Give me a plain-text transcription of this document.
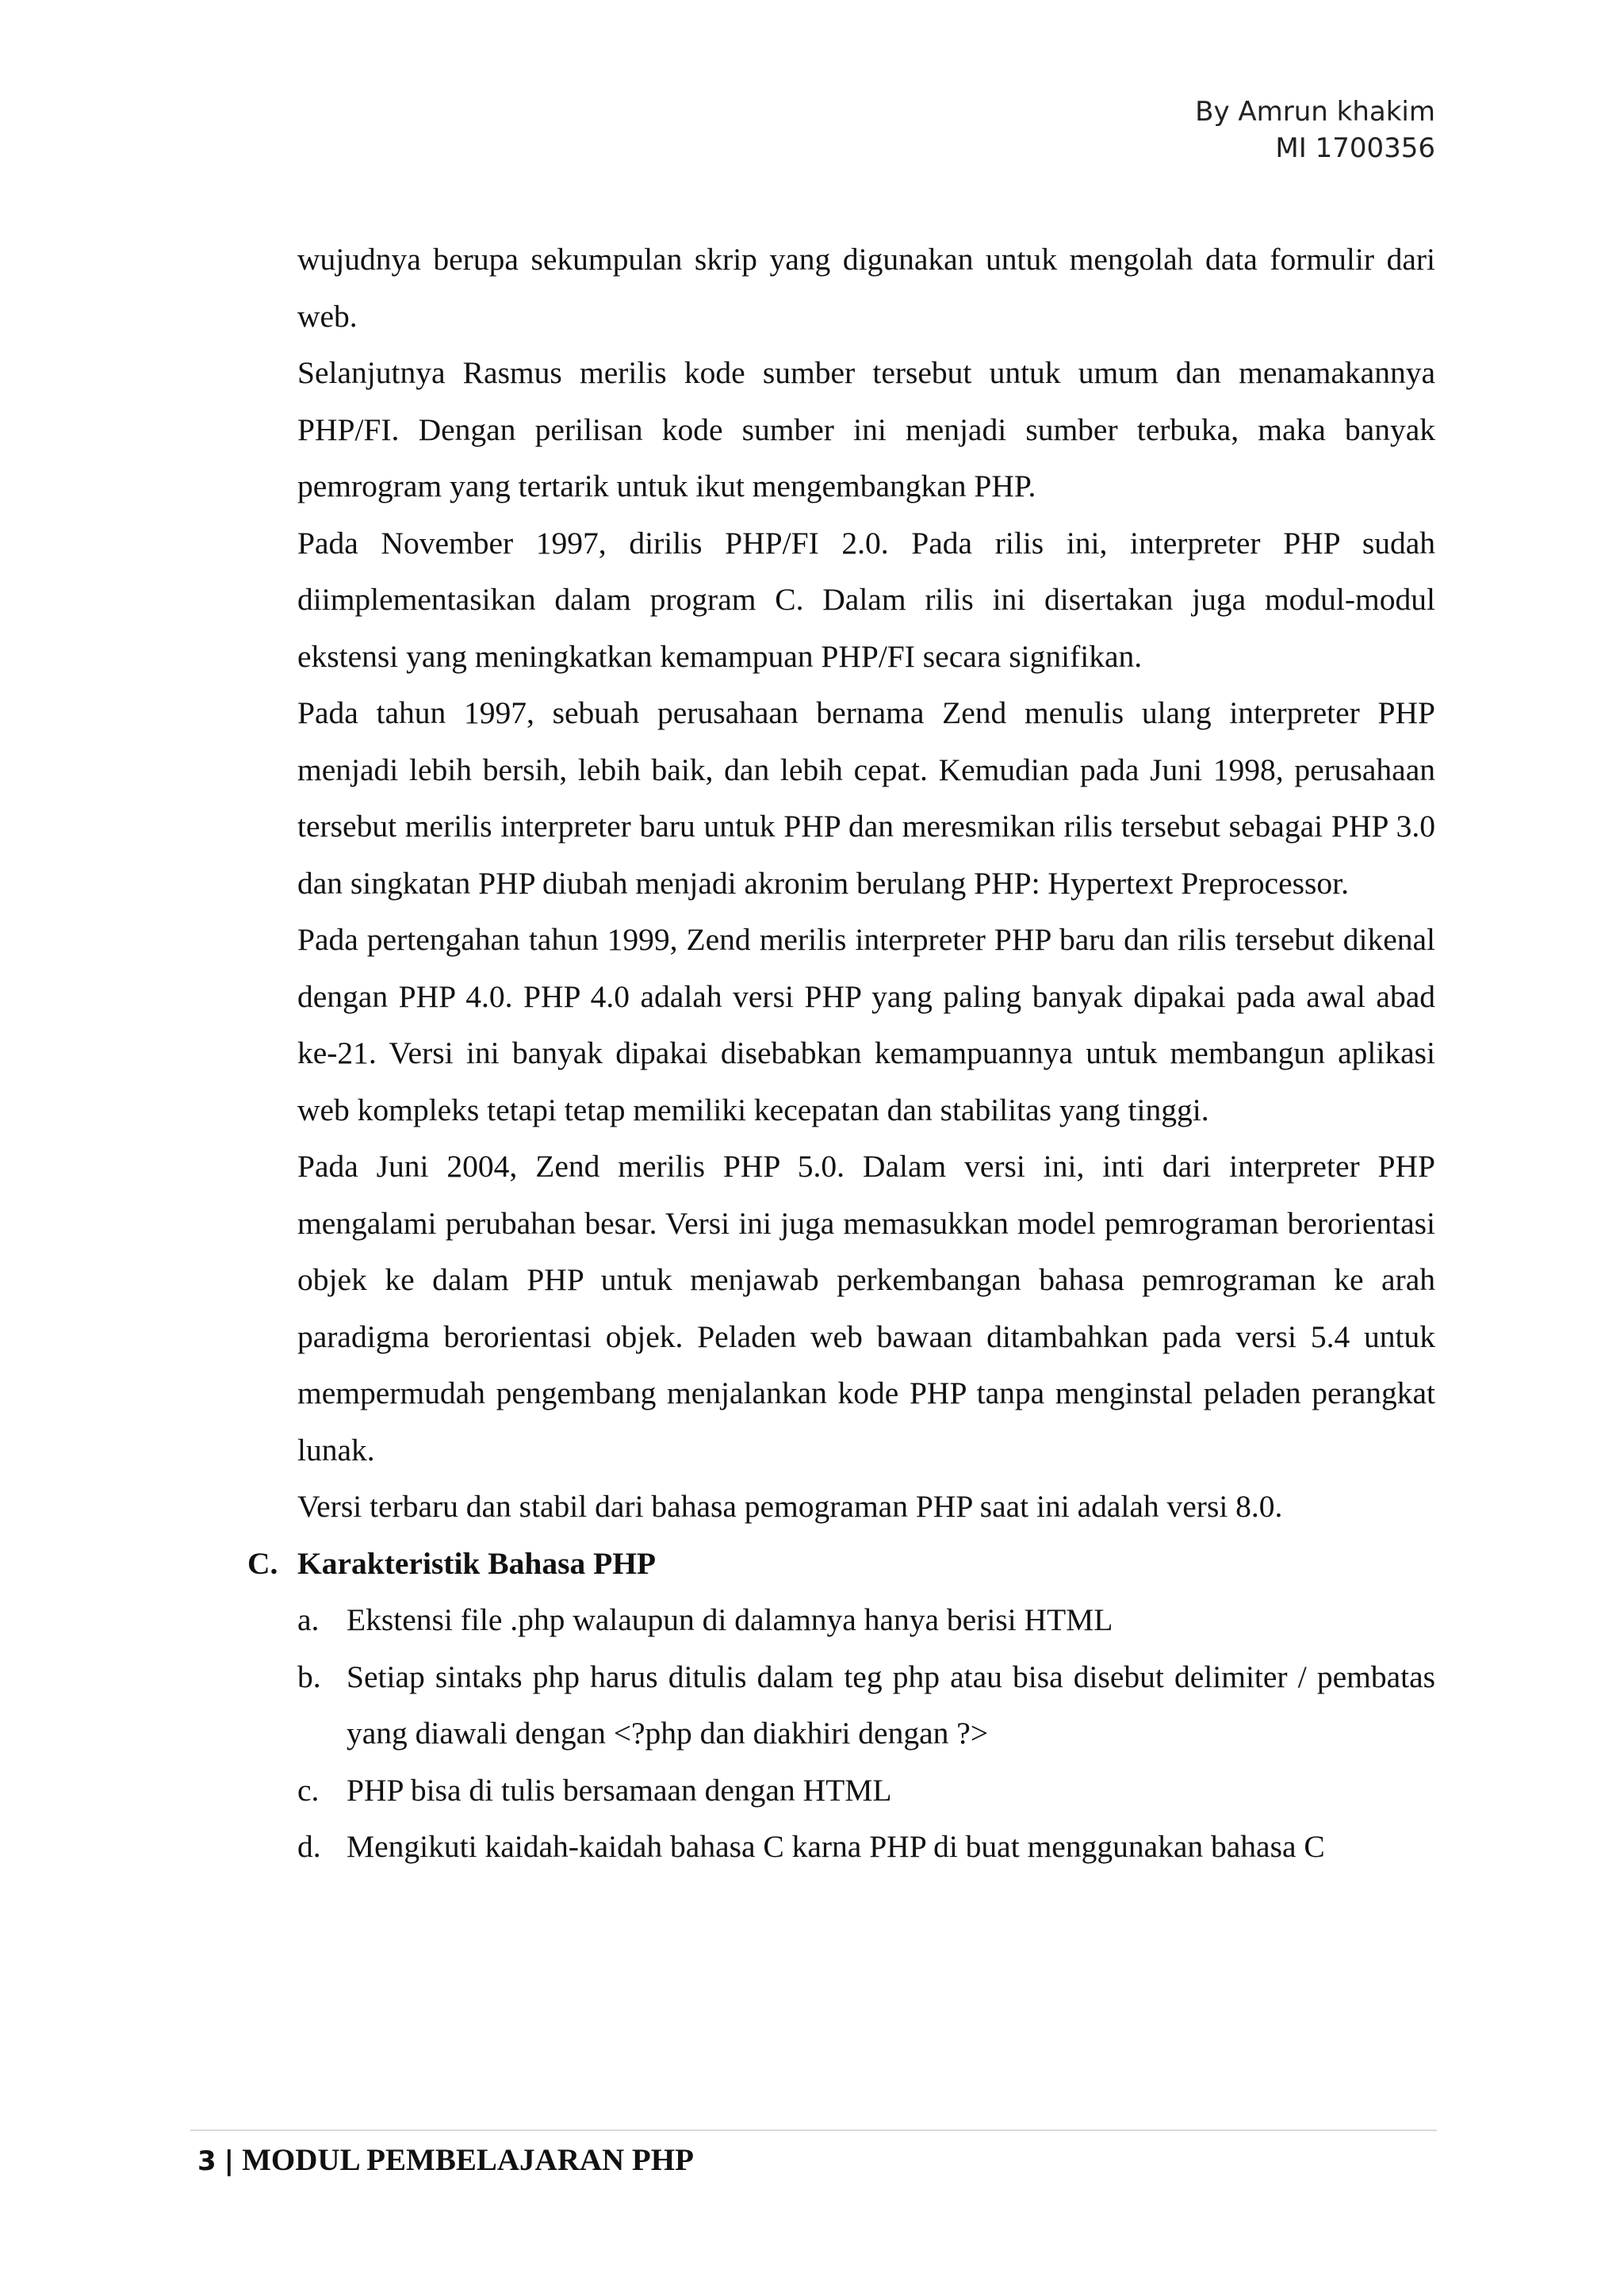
By Amrun khakim
MI 1700356

wujudnya berupa sekumpulan skrip yang digunakan untuk mengolah data formulir dari web.

Selanjutnya Rasmus merilis kode sumber tersebut untuk umum dan menamakannya PHP/FI. Dengan perilisan kode sumber ini menjadi sumber terbuka, maka banyak pemrogram yang tertarik untuk ikut mengembangkan PHP.

Pada November 1997, dirilis PHP/FI 2.0. Pada rilis ini, interpreter PHP sudah diimplementasikan dalam program C. Dalam rilis ini disertakan juga modul-modul ekstensi yang meningkatkan kemampuan PHP/FI secara signifikan.

Pada tahun 1997, sebuah perusahaan bernama Zend menulis ulang interpreter PHP menjadi lebih bersih, lebih baik, dan lebih cepat. Kemudian pada Juni 1998, perusahaan tersebut merilis interpreter baru untuk PHP dan meresmikan rilis tersebut sebagai PHP 3.0 dan singkatan PHP diubah menjadi akronim berulang PHP: Hypertext Preprocessor.

Pada pertengahan tahun 1999, Zend merilis interpreter PHP baru dan rilis tersebut dikenal dengan PHP 4.0. PHP 4.0 adalah versi PHP yang paling banyak dipakai pada awal abad ke-21. Versi ini banyak dipakai disebabkan kemampuannya untuk membangun aplikasi web kompleks tetapi tetap memiliki kecepatan dan stabilitas yang tinggi.

Pada Juni 2004, Zend merilis PHP 5.0. Dalam versi ini, inti dari interpreter PHP mengalami perubahan besar. Versi ini juga memasukkan model pemrograman berorientasi objek ke dalam PHP untuk menjawab perkembangan bahasa pemrograman ke arah paradigma berorientasi objek. Peladen web bawaan ditambahkan pada versi 5.4 untuk mempermudah pengembang menjalankan kode PHP tanpa menginstal peladen perangkat lunak.

Versi terbaru dan stabil dari bahasa pemograman PHP saat ini adalah versi 8.0.

C. Karakteristik Bahasa PHP
a. Ekstensi file .php walaupun di dalamnya hanya berisi HTML
b. Setiap sintaks php harus ditulis dalam teg php atau bisa disebut delimiter / pembatas yang diawali dengan <?php dan diakhiri dengan ?>
c. PHP bisa di tulis bersamaan dengan HTML
d. Mengikuti kaidah-kaidah bahasa C karna PHP di buat menggunakan bahasa C
3 | MODUL PEMBELAJARAN PHP
